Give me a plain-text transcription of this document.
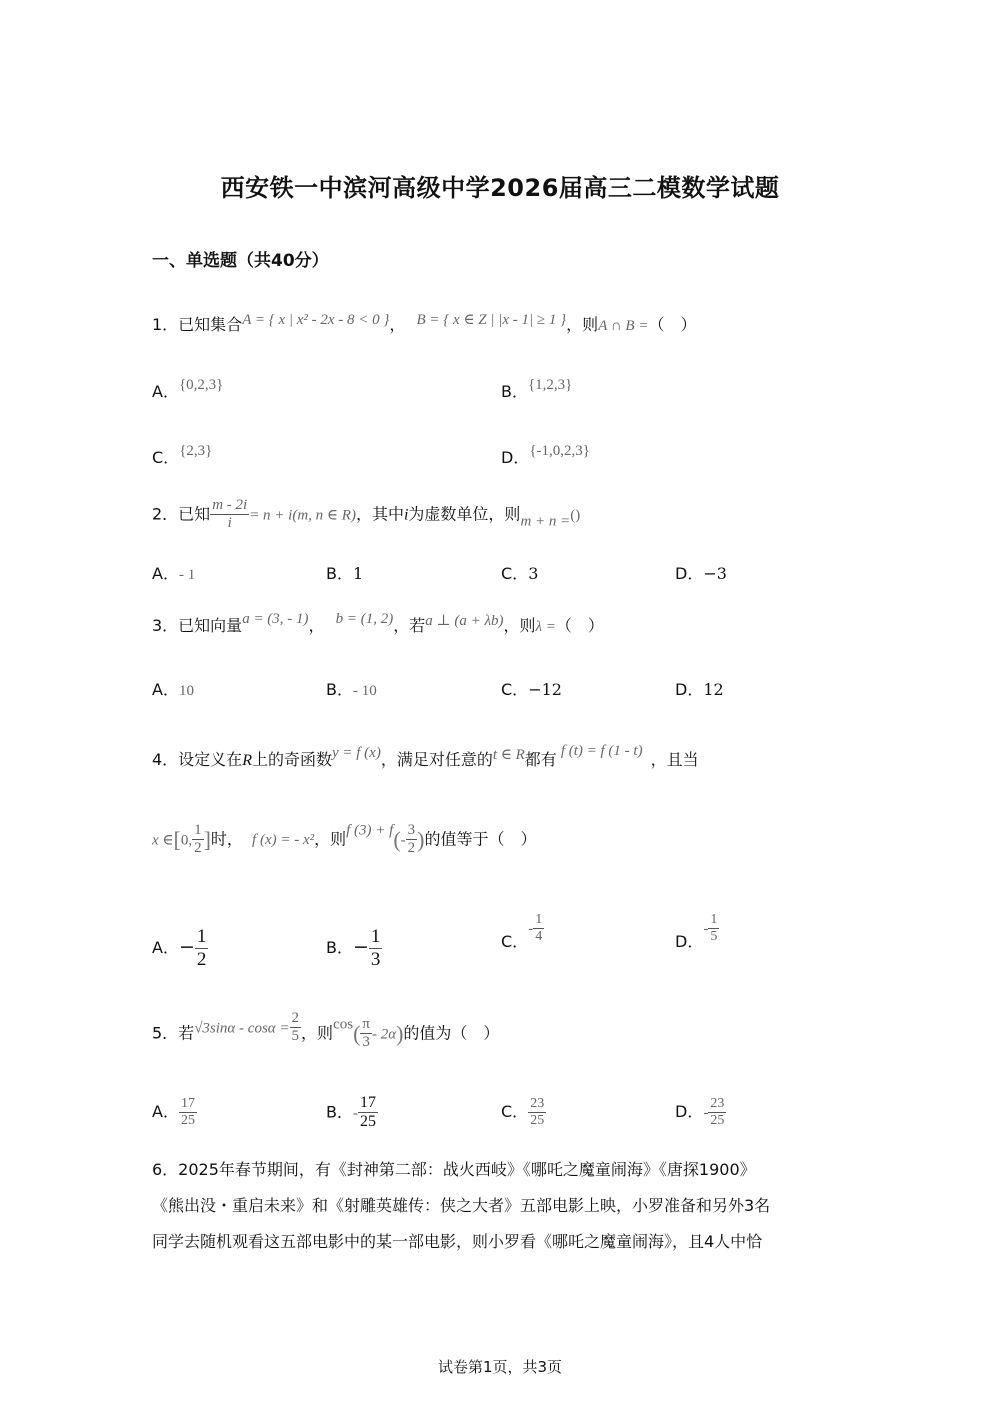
西安铁一中滨河高级中学2026届高三二模数学试题
一、单选题（共40分）
1．已知集合A = { x | x² - 2x - 8 < 0 }， B = { x ∈ Z | |x - 1| ≥ 1 }，则A ∩ B =（　）
A．{0,2,3}	B．{1,2,3}
C．{2,3}	D．{-1,0,2,3}
2．已知 $\frac{m - 2i}{i} = n + i(m$, n ∈ R)，其中i为虚数单位，则m + n =()
A．- 1	B．1	C．3	D．−3
3．已知向量a = (3, - 1)， b = (1, 2)，若a ⊥ (a + λb)，则λ =（　）
A．10	B．- 10	C．−12	D．12
4．设定义在R上的奇函数y = f (x)，满足对任意的t ∈ R都有 f (t) = f (1 - t) ，且当
x ∈[0, $\frac{1}{2}$ ]时， f (x) = - x²，则f $(3) + f(- \frac{3}{2}$ )的值等于（　）
A．− $\frac{1}{2}$	B．− $\frac{1}{3}$	C．- $\frac{1}{4}$	D．- $\frac{1}{5}$
5．若$√3\sin\alpha - \cos\alpha = \frac{2}{5}$ ，则$\cos( \frac{\pi}{3} - 2\alpha)$的值为（　）
A． $\frac{17}{25}$	B．- $\frac{17}{25}$	C． $\frac{23}{25}$	D．- $\frac{23}{25}$
6．2025年春节期间，有《封神第二部：战火西岐》《哪吒之魔童闹海》《唐探1900》
《熊出没・重启未来》和《射雕英雄传：侠之大者》五部电影上映，小罗准备和另外3名
同学去随机观看这五部电影中的某一部电影，则小罗看《哪吒之魔童闹海》，且4人中恰
试卷第1页，共3页
